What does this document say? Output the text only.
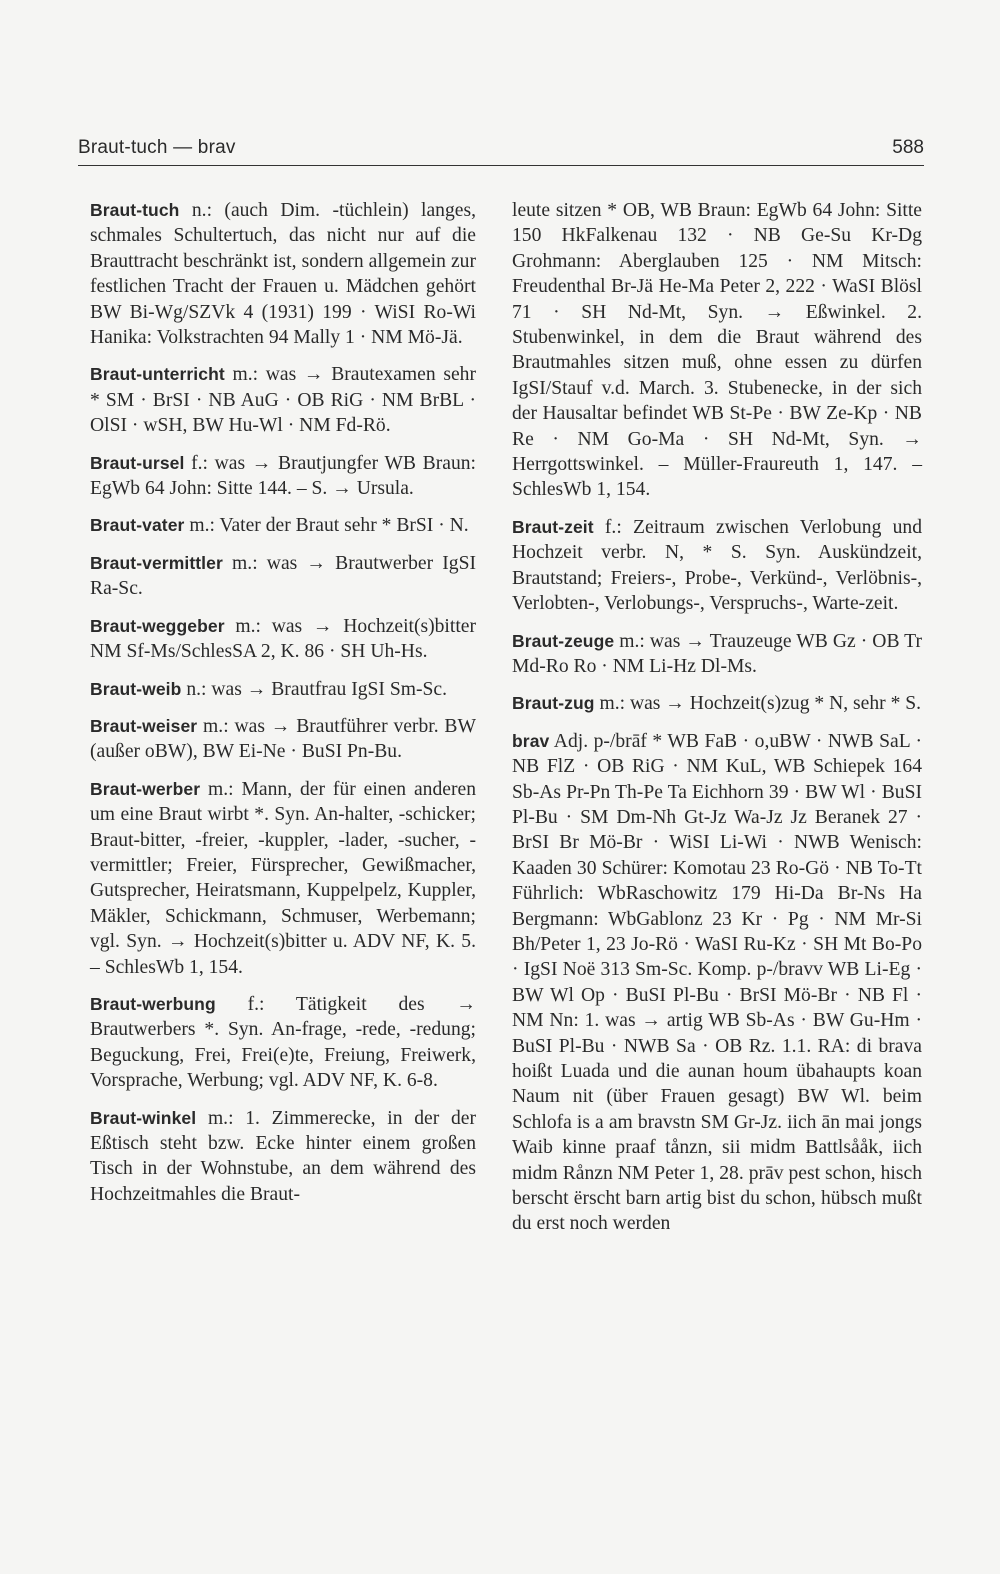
Braut-tuch — brav	588

Braut-tuch n.: (auch Dim. -tüchlein) langes, schmales Schultertuch, das nicht nur auf die Brauttracht beschränkt ist, sondern allgemein zur festlichen Tracht der Frauen u. Mädchen gehört BW Bi-Wg/SZVk 4 (1931) 199 · WiSI Ro-Wi Hanika: Volkstrachten 94 Mally 1 · NM Mö-Jä.

Braut-unterricht m.: was → Brautexamen sehr * SM · BrSI · NB AuG · OB RiG · NM BrBL · OlSI · wSH, BW Hu-Wl · NM Fd-Rö.

Braut-ursel f.: was → Brautjungfer WB Braun: EgWb 64 John: Sitte 144. – S. → Ursula.

Braut-vater m.: Vater der Braut sehr * BrSI · N.

Braut-vermittler m.: was → Brautwerber IgSI Ra-Sc.

Braut-weggeber m.: was → Hochzeit(s)bitter NM Sf-Ms/SchlesSA 2, K. 86 · SH Uh-Hs.

Braut-weib n.: was → Brautfrau IgSI Sm-Sc.

Braut-weiser m.: was → Brautführer verbr. BW (außer oBW), BW Ei-Ne · BuSI Pn-Bu.

Braut-werber m.: Mann, der für einen anderen um eine Braut wirbt *. Syn. An-halter, -schicker; Braut-bitter, -freier, -kuppler, -lader, -sucher, -vermittler; Freier, Fürsprecher, Gewißmacher, Gutsprecher, Heiratsmann, Kuppelpelz, Kuppler, Mäkler, Schickmann, Schmuser, Werbemann; vgl. Syn. → Hochzeit(s)bitter u. ADV NF, K. 5. – SchlesWb 1, 154.

Braut-werbung f.: Tätigkeit des → Brautwerbers *. Syn. An-frage, -rede, -redung; Beguckung, Frei, Frei(e)te, Freiung, Freiwerk, Vorsprache, Werbung; vgl. ADV NF, K. 6-8.

Braut-winkel m.: 1. Zimmerecke, in der der Eßtisch steht bzw. Ecke hinter einem großen Tisch in der Wohnstube, an dem während des Hochzeitmahles die Braut-

leute sitzen * OB, WB Braun: EgWb 64 John: Sitte 150 HkFalkenau 132 · NB Ge-Su Kr-Dg Grohmann: Aberglauben 125 · NM Mitsch: Freudenthal Br-Jä He-Ma Peter 2, 222 · WaSI Blösl 71 · SH Nd-Mt, Syn. → Eßwinkel. 2. Stubenwinkel, in dem die Braut während des Brautmahles sitzen muß, ohne essen zu dürfen IgSI/Stauf v.d. March. 3. Stubenecke, in der sich der Hausaltar befindet WB St-Pe · BW Ze-Kp · NB Re · NM Go-Ma · SH Nd-Mt, Syn. → Herrgottswinkel. – Müller-Fraureuth 1, 147. – SchlesWb 1, 154.

Braut-zeit f.: Zeitraum zwischen Verlobung und Hochzeit verbr. N, * S. Syn. Auskündzeit, Brautstand; Freiers-, Probe-, Verkünd-, Verlöbnis-, Verlobten-, Verlobungs-, Verspruchs-, Warte-zeit.

Braut-zeuge m.: was → Trauzeuge WB Gz · OB Tr Md-Ro Ro · NM Li-Hz Dl-Ms.

Braut-zug m.: was → Hochzeit(s)zug * N, sehr * S.

brav Adj. p-/brāf * WB FaB · o,uBW · NWB SaL · NB FlZ · OB RiG · NM KuL, WB Schiepek 164 Sb-As Pr-Pn Th-Pe Ta Eichhorn 39 · BW Wl · BuSI Pl-Bu · SM Dm-Nh Gt-Jz Wa-Jz Jz Beranek 27 · BrSI Br Mö-Br · WiSI Li-Wi · NWB Wenisch: Kaaden 30 Schürer: Komotau 23 Ro-Gö · NB To-Tt Führlich: WbRaschowitz 179 Hi-Da Br-Ns Ha Bergmann: WbGablonz 23 Kr · Pg · NM Mr-Si Bh/Peter 1, 23 Jo-Rö · WaSI Ru-Kz · SH Mt Bo-Po · IgSI Noë 313 Sm-Sc. Komp. p-/bravv WB Li-Eg · BW Wl Op · BuSI Pl-Bu · BrSI Mö-Br · NB Fl · NM Nn: 1. was → artig WB Sb-As · BW Gu-Hm · BuSI Pl-Bu · NWB Sa · OB Rz. 1.1. RA: di brava hoißt Luada und die aunan houm übahaupts koan Naum nit (über Frauen gesagt) BW Wl. beim Schlofa is a am bravstn SM Gr-Jz. iich ān mai jongs Waib kinne praaf tånzn, sii midm Battlsååk, iich midm Rånzn NM Peter 1, 28. prāv pest schon, hisch berscht ërscht barn artig bist du schon, hübsch mußt du erst noch werden
